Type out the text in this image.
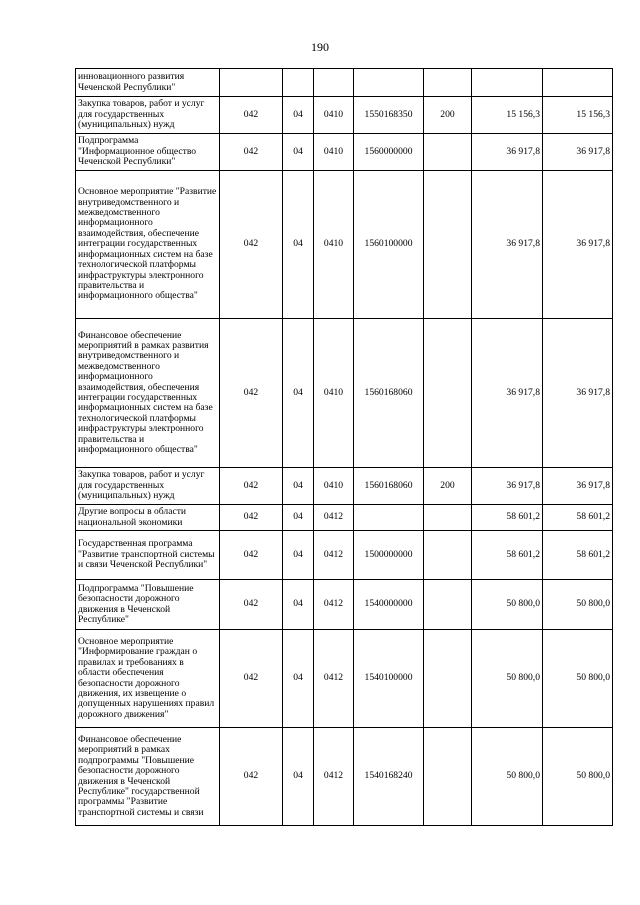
190
инновационного развития Чеченской Республики"							
Закупка товаров, работ и услуг для государственных (муниципальных) нужд	042	04	0410	1550168350	200	15 156,3	15 156,3
Подпрограмма "Информационное общество Чеченской Республики"	042	04	0410	1560000000		36 917,8	36 917,8
Основное мероприятие "Развитие внутриведомственного и межведомственного информационного взаимодействия, обеспечение интеграции государственных информационных систем на базе технологической платформы инфраструктуры электронного правительства и информационного общества"	042	04	0410	1560100000		36 917,8	36 917,8
Финансовое обеспечение мероприятий в рамках развития внутриведомственного и межведомственного информационного взаимодействия, обеспечения интеграции государственных информационных систем на базе технологической платформы инфраструктуры электронного правительства и информационного общества"	042	04	0410	1560168060		36 917,8	36 917,8
Закупка товаров, работ и услуг для государственных (муниципальных) нужд	042	04	0410	1560168060	200	36 917,8	36 917,8
Другие вопросы в области национальной экономики	042	04	0412			58 601,2	58 601,2
Государственная программа "Развитие транспортной системы и связи Чеченской Республики"	042	04	0412	1500000000		58 601,2	58 601,2
Подпрограмма "Повышение безопасности дорожного движения в Чеченской Республике"	042	04	0412	1540000000		50 800,0	50 800,0
Основное мероприятие "Информирование граждан о правилах и требованиях в области обеспечения безопасности дорожного движения, их извещение о допущенных нарушениях правил дорожного движения"	042	04	0412	1540100000		50 800,0	50 800,0
Финансовое обеспечение мероприятий в рамках подпрограммы "Повышение безопасности дорожного движения в Чеченской Республике" государственной программы "Развитие транспортной системы и связи	042	04	0412	1540168240		50 800,0	50 800,0
